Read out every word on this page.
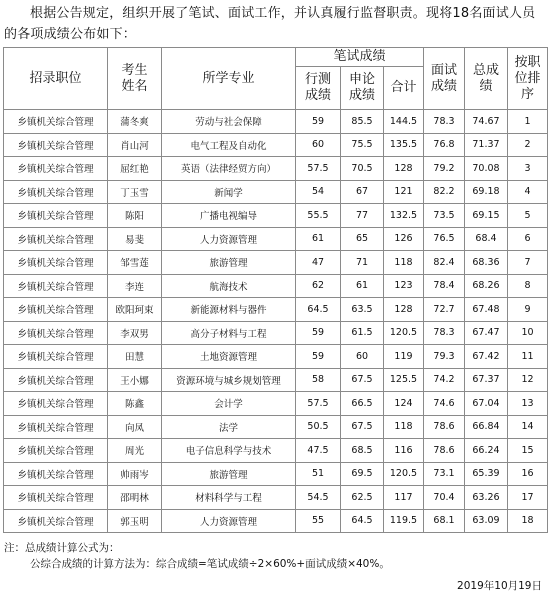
根据公告规定，组织开展了笔试、面试工作，并认真履行监督职责。现将18名面试人员的各项成绩公布如下：

招录职位	考生姓名	所学专业	笔试成绩			面试成绩	总成绩	按职位排序

			行测成绩	申论成绩	合计			
乡镇机关综合管理	蒲冬爽	劳动与社会保障	59	85.5	144.5	78.3	74.67	1
乡镇机关综合管理	肖山河	电气工程及自动化	60	75.5	135.5	76.8	71.37	2
乡镇机关综合管理	屈红艳	英语（法律经贸方向）	57.5	70.5	128	79.2	70.08	3
乡镇机关综合管理	丁玉雪	新闻学	54	67	121	82.2	69.18	4
乡镇机关综合管理	陈阳	广播电视编导	55.5	77	132.5	73.5	69.15	5
乡镇机关综合管理	易斐	人力资源管理	61	65	126	76.5	68.4	6
乡镇机关综合管理	邹雪莲	旅游管理	47	71	118	82.4	68.36	7
乡镇机关综合管理	李连	航海技术	62	61	123	78.4	68.26	8
乡镇机关综合管理	欧阳珂束	新能源材料与器件	64.5	63.5	128	72.7	67.48	9
乡镇机关综合管理	李双男	高分子材料与工程	59	61.5	120.5	78.3	67.47	10
乡镇机关综合管理	田慧	土地资源管理	59	60	119	79.3	67.42	11
乡镇机关综合管理	王小娜	资源环境与城乡规划管理	58	67.5	125.5	74.2	67.37	12
乡镇机关综合管理	陈鑫	会计学	57.5	66.5	124	74.6	67.04	13
乡镇机关综合管理	向凤	法学	50.5	67.5	118	78.6	66.84	14
乡镇机关综合管理	周光	电子信息科学与技术	47.5	68.5	116	78.6	66.24	15
乡镇机关综合管理	帅雨岑	旅游管理	51	69.5	120.5	73.1	65.39	16
乡镇机关综合管理	邵明林	材料科学与工程	54.5	62.5	117	70.4	63.26	17
乡镇机关综合管理	郭玉明	人力资源管理	55	64.5	119.5	68.1	63.09	18
注：总成绩计算公式为：
公综合成绩的计算方法为：综合成绩=笔试成绩÷2×60%+面试成绩×40%。
2019年10月19日
